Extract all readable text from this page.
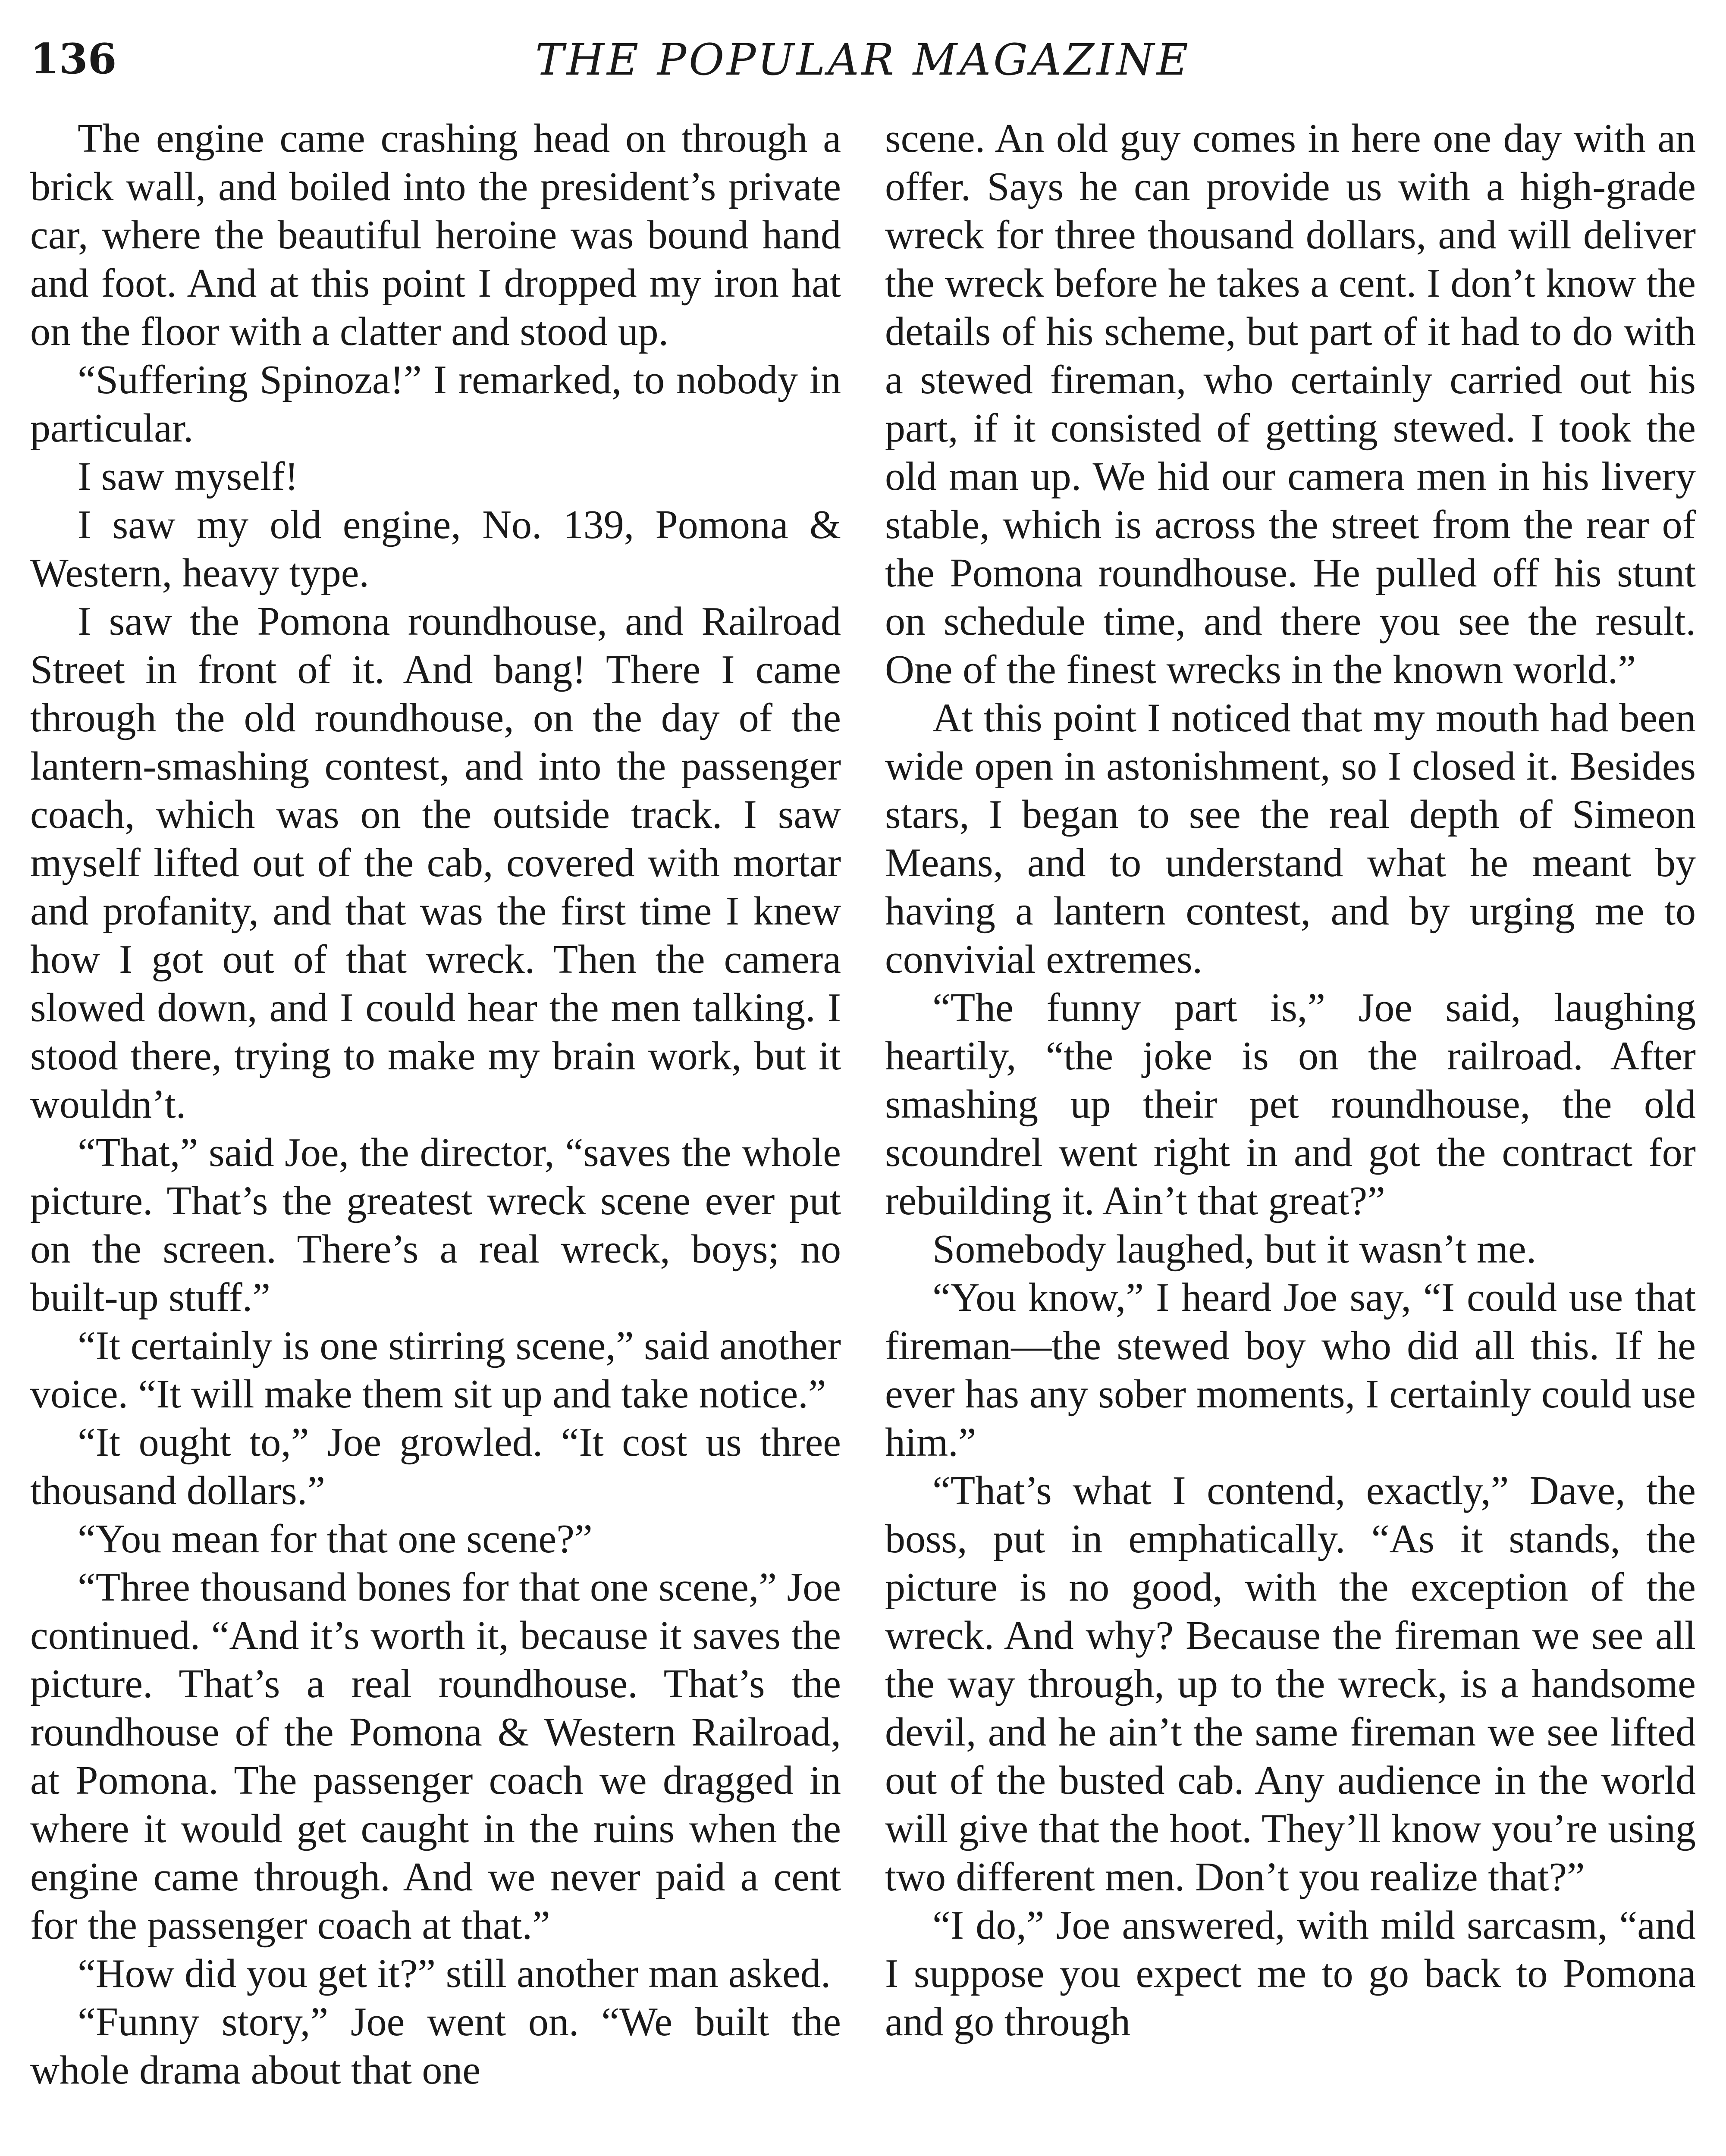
136	THE POPULAR MAGAZINE

The engine came crashing head on through a brick wall, and boiled into the president’s private car, where the beautiful heroine was bound hand and foot. And at this point I dropped my iron hat on the floor with a clatter and stood up.

“Suffering Spinoza!” I remarked, to nobody in particular.

I saw myself!

I saw my old engine, No. 139, Pomona & Western, heavy type.

I saw the Pomona roundhouse, and Railroad Street in front of it. And bang! There I came through the old roundhouse, on the day of the lantern-smashing contest, and into the passenger coach, which was on the outside track. I saw myself lifted out of the cab, covered with mortar and profanity, and that was the first time I knew how I got out of that wreck. Then the camera slowed down, and I could hear the men talking. I stood there, trying to make my brain work, but it wouldn’t.

“That,” said Joe, the director, “saves the whole picture. That’s the greatest wreck scene ever put on the screen. There’s a real wreck, boys; no built-up stuff.”

“It certainly is one stirring scene,” said another voice. “It will make them sit up and take notice.”

“It ought to,” Joe growled. “It cost us three thousand dollars.”

“You mean for that one scene?”

“Three thousand bones for that one scene,” Joe continued. “And it’s worth it, because it saves the picture. That’s a real roundhouse. That’s the roundhouse of the Pomona & Western Railroad, at Pomona. The passenger coach we dragged in where it would get caught in the ruins when the engine came through. And we never paid a cent for the passenger coach at that.”

“How did you get it?” still another man asked.

“Funny story,” Joe went on. “We built the whole drama about that one

scene. An old guy comes in here one day with an offer. Says he can provide us with a high-grade wreck for three thousand dollars, and will deliver the wreck before he takes a cent. I don’t know the details of his scheme, but part of it had to do with a stewed fireman, who certainly carried out his part, if it consisted of getting stewed. I took the old man up. We hid our camera men in his livery stable, which is across the street from the rear of the Pomona roundhouse. He pulled off his stunt on schedule time, and there you see the result. One of the finest wrecks in the known world.”

At this point I noticed that my mouth had been wide open in astonishment, so I closed it. Besides stars, I began to see the real depth of Simeon Means, and to understand what he meant by having a lantern contest, and by urging me to convivial extremes.

“The funny part is,” Joe said, laughing heartily, “the joke is on the railroad. After smashing up their pet roundhouse, the old scoundrel went right in and got the contract for rebuilding it. Ain’t that great?”

Somebody laughed, but it wasn’t me.

“You know,” I heard Joe say, “I could use that fireman—the stewed boy who did all this. If he ever has any sober moments, I certainly could use him.”

“That’s what I contend, exactly,” Dave, the boss, put in emphatically. “As it stands, the picture is no good, with the exception of the wreck. And why? Because the fireman we see all the way through, up to the wreck, is a handsome devil, and he ain’t the same fireman we see lifted out of the busted cab. Any audience in the world will give that the hoot. They’ll know you’re using two different men. Don’t you realize that?”

“I do,” Joe answered, with mild sarcasm, “and I suppose you expect me to go back to Pomona and go through
